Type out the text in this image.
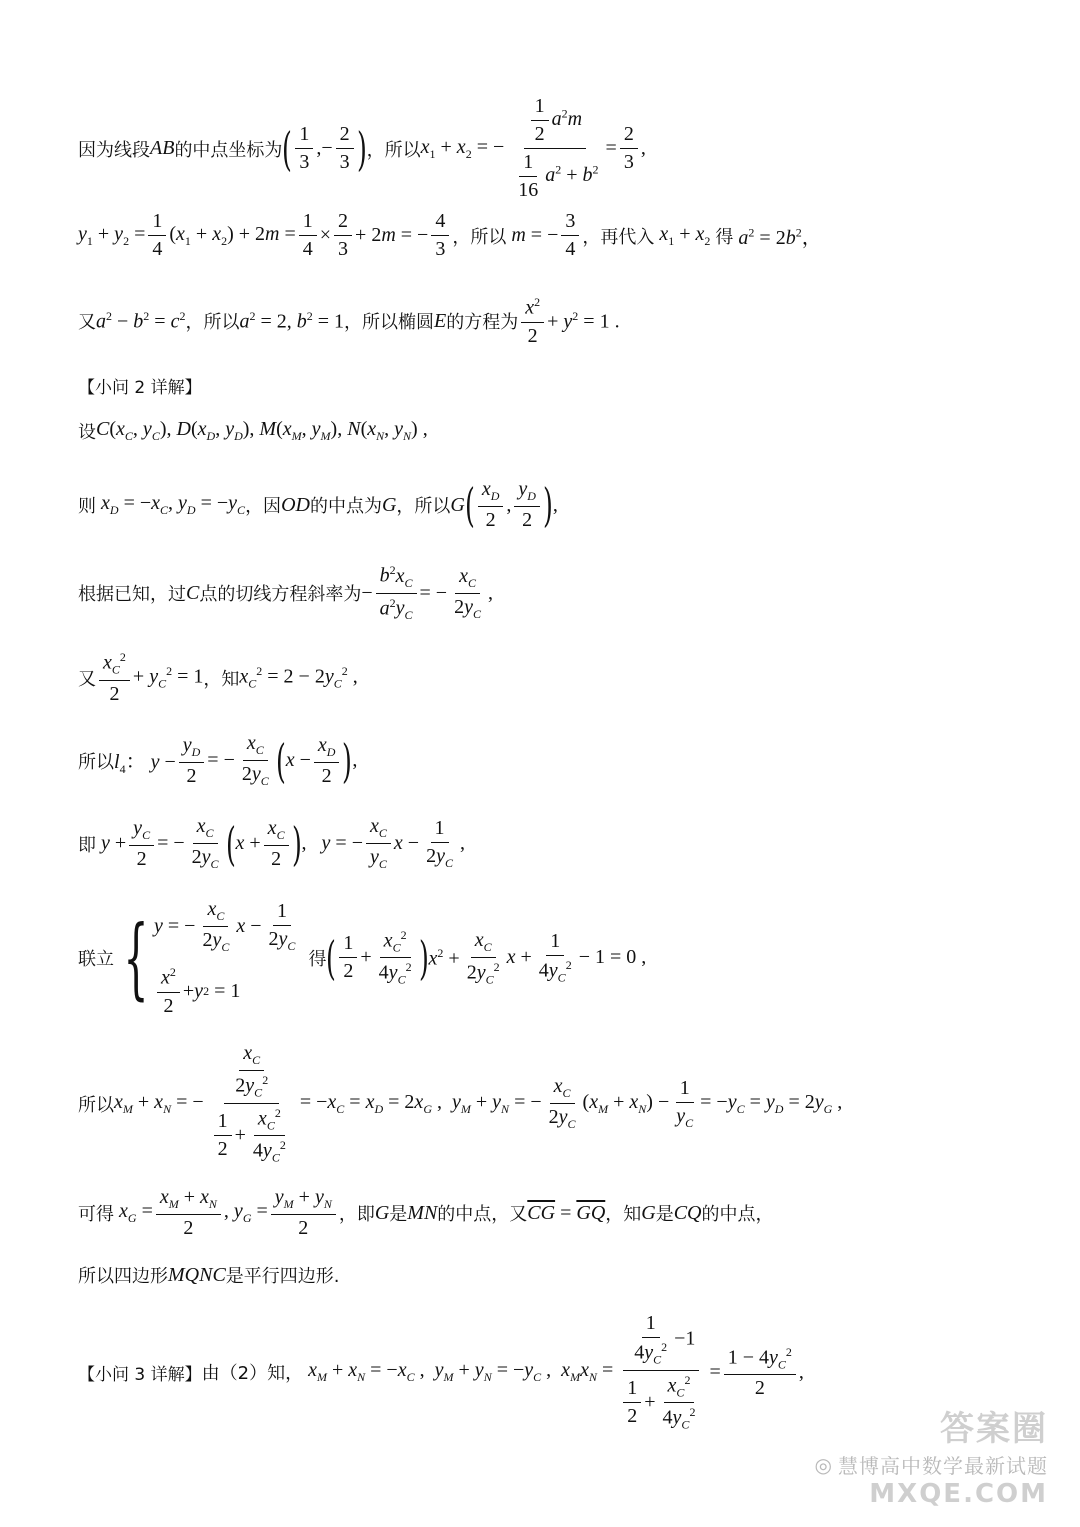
因为线段 AB 的中点坐标为 ( $\frac{1}{3}$ ,− $\frac{2}{3}$ ) ，所以 $x_1 + x_2$ = − $\frac{\frac{1}{2} a^2m}{\frac{1}{16} a^2 + b^2} = \frac{2}{3}$ ,
$y_1 + y_2 = \frac{1}{4} (x_1 + x_2) + 2m = \frac{1}{4} \times \frac{2}{3} + 2m$ = − $\frac{4}{3}$ ，所以 m = − $\frac{3}{4}$ ，再代入 $x_1 + x_2$ 得 $a^2 = 2b^2$，
又 $a^2 - b^2 = c^2$ ，所以 $a^2 = 2$, $b^2 = 1$ ，所以椭圆 E 的方程为 $\frac{x^2}{2} + y^2 = 1$ .
【小问 2 详解】
设 $C(x_C$, $y_C$), $D(x_D$, $y_D$), $M(x_M$, $y_M$), $N(x_N$, $y_N$) ,
则 $x_D = -x_C$, $y_D = -y_C$ ，因 OD 的中点为 G ，所以 G ( $\frac{x_D}{2}$ , $\frac{y_D}{2}$ ) ,
根据已知，过 C 点的切线方程斜率为 − $\frac{b^2x_C}{a^2y_C}$ = − $\frac{x_C}{2y_C}$ ,
又 $\frac{x_C^2}{2} + y_C^2 = 1$ ，知 $x_C^2 = 2 - 2y_C^2$ ,
所以 $l_4$： $y - \frac{y_D}{2}$ = − $\frac{x_C}{2y_C}$ ( $x - \frac{x_D}{2}$ ) ,
即 $y + \frac{y_C}{2}$ = − $\frac{x_C}{2y_C}$ ( $x + \frac{x_C}{2}$ ) ,   y = − $\frac{x_C}{y_C}$ $x - \frac{1}{2y_C}$ ,
联立 { y = − $\frac{x_C}{2y_C}$ $x - \frac{1}{2y_C}$
$\frac{x^2}{2} + y$ 2 = 1
得 ( $\frac{1}{2} + \frac{x_C^2}{4y_C^2}$ ) $x^2 + \frac{x_C}{2y_C^2}$ $x + \frac{1}{4y_C^2} - 1 = 0$ ,
所以 $x_M + x_N$ = − $\frac{\frac{x_C}{2y_C^2}}{\frac{1}{2} + \frac{x_C^2}{4y_C^2}} = -x_C = x_D = 2x_G$ ,  $y_M + y_N$ = − $\frac{x_C}{2y_C} (x_M + x_N) - \frac{1}{y_C} = -y_C = y_D = 2y_G$ ,
可得 $x_G = \frac{x_M + x_N}{2}$ , $y_G = \frac{y_M + y_N}{2}$ ，即 G 是 MN 的中点，又 $\overline{CG} = \overline{GQ}$ ，知 G 是 CQ 的中点，
所以四边形 MQNC 是平行四边形.
【小问 3 详解】 由（2）知， $x_M + x_N = -x_C$ ,  $y_M + y_N = -y_C$ ,  $x_Mx_N = \frac{\frac{1}{4y_C^2} -1}{\frac{1}{2} + \frac{x_C^2}{4y_C^2}} = \frac{1 - 4y_C^2}{2}$ ,
答案圈
◎ 慧博高中数学最新试题
MXQE.COM
